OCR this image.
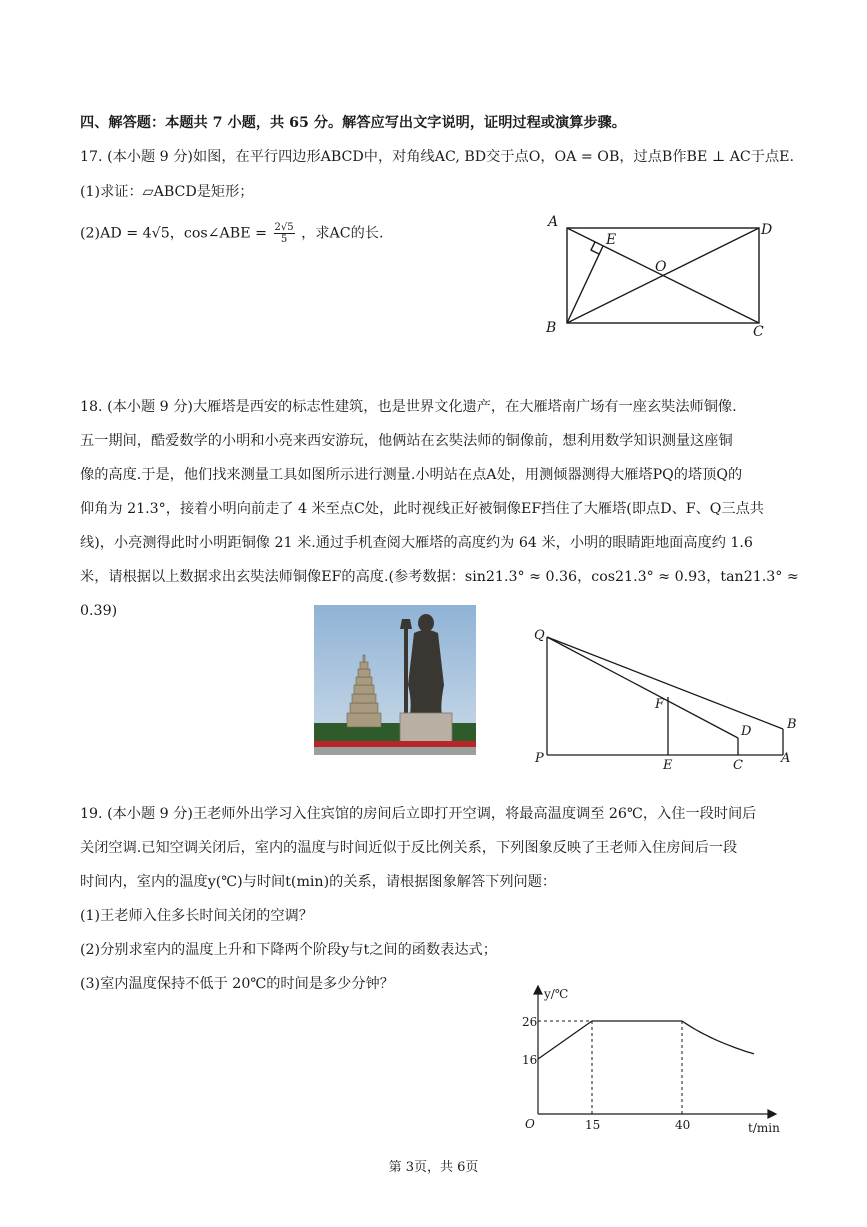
四、解答题：本题共 7 小题，共 65 分。解答应写出文字说明，证明过程或演算步骤。
17. (本小题 9 分)如图，在平行四边形ABCD中，对角线AC, BD交于点O，OA = OB，过点B作BE ⊥ AC于点E.
(1)求证：▱ABCD是矩形；
(2)AD = 4√5，cos∠ABE = $\frac{2√5}{5}$ ，求AC的长.
A	D
E
O
B	C
18. (本小题 9 分)大雁塔是西安的标志性建筑，也是世界文化遗产，在大雁塔南广场有一座玄奘法师铜像.
五一期间，酷爱数学的小明和小亮来西安游玩，他俩站在玄奘法师的铜像前，想利用数学知识测量这座铜
像的高度.于是，他们找来测量工具如图所示进行测量.小明站在点A处，用测倾器测得大雁塔PQ的塔顶Q的
仰角为 21.3°，接着小明向前走了 4 米至点C处，此时视线正好被铜像EF挡住了大雁塔(即点D、F、Q三点共
线)，小亮测得此时小明距铜像 21 米.通过手机查阅大雁塔的高度约为 64 米，小明的眼睛距地面高度约 1.6
米，请根据以上数据求出玄奘法师铜像EF的高度.(参考数据：sin21.3° ≈ 0.36，cos21.3° ≈ 0.93，tan21.3° ≈
0.39)
Q
F
D	B
P	E	C	A
19. (本小题 9 分)王老师外出学习入住宾馆的房间后立即打开空调，将最高温度调至 26℃，入住一段时间后
关闭空调.已知空调关闭后，室内的温度与时间近似于反比例关系，下列图象反映了王老师入住房间后一段
时间内，室内的温度y(℃)与时间t(min)的关系，请根据图象解答下列问题：
(1)王老师入住多长时间关闭的空调？
(2)分别求室内的温度上升和下降两个阶段y与t之间的函数表达式；
(3)室内温度保持不低于 20℃的时间是多少分钟？
y/℃
t/min
O
26
16
15	40
第 3页，共 6页
